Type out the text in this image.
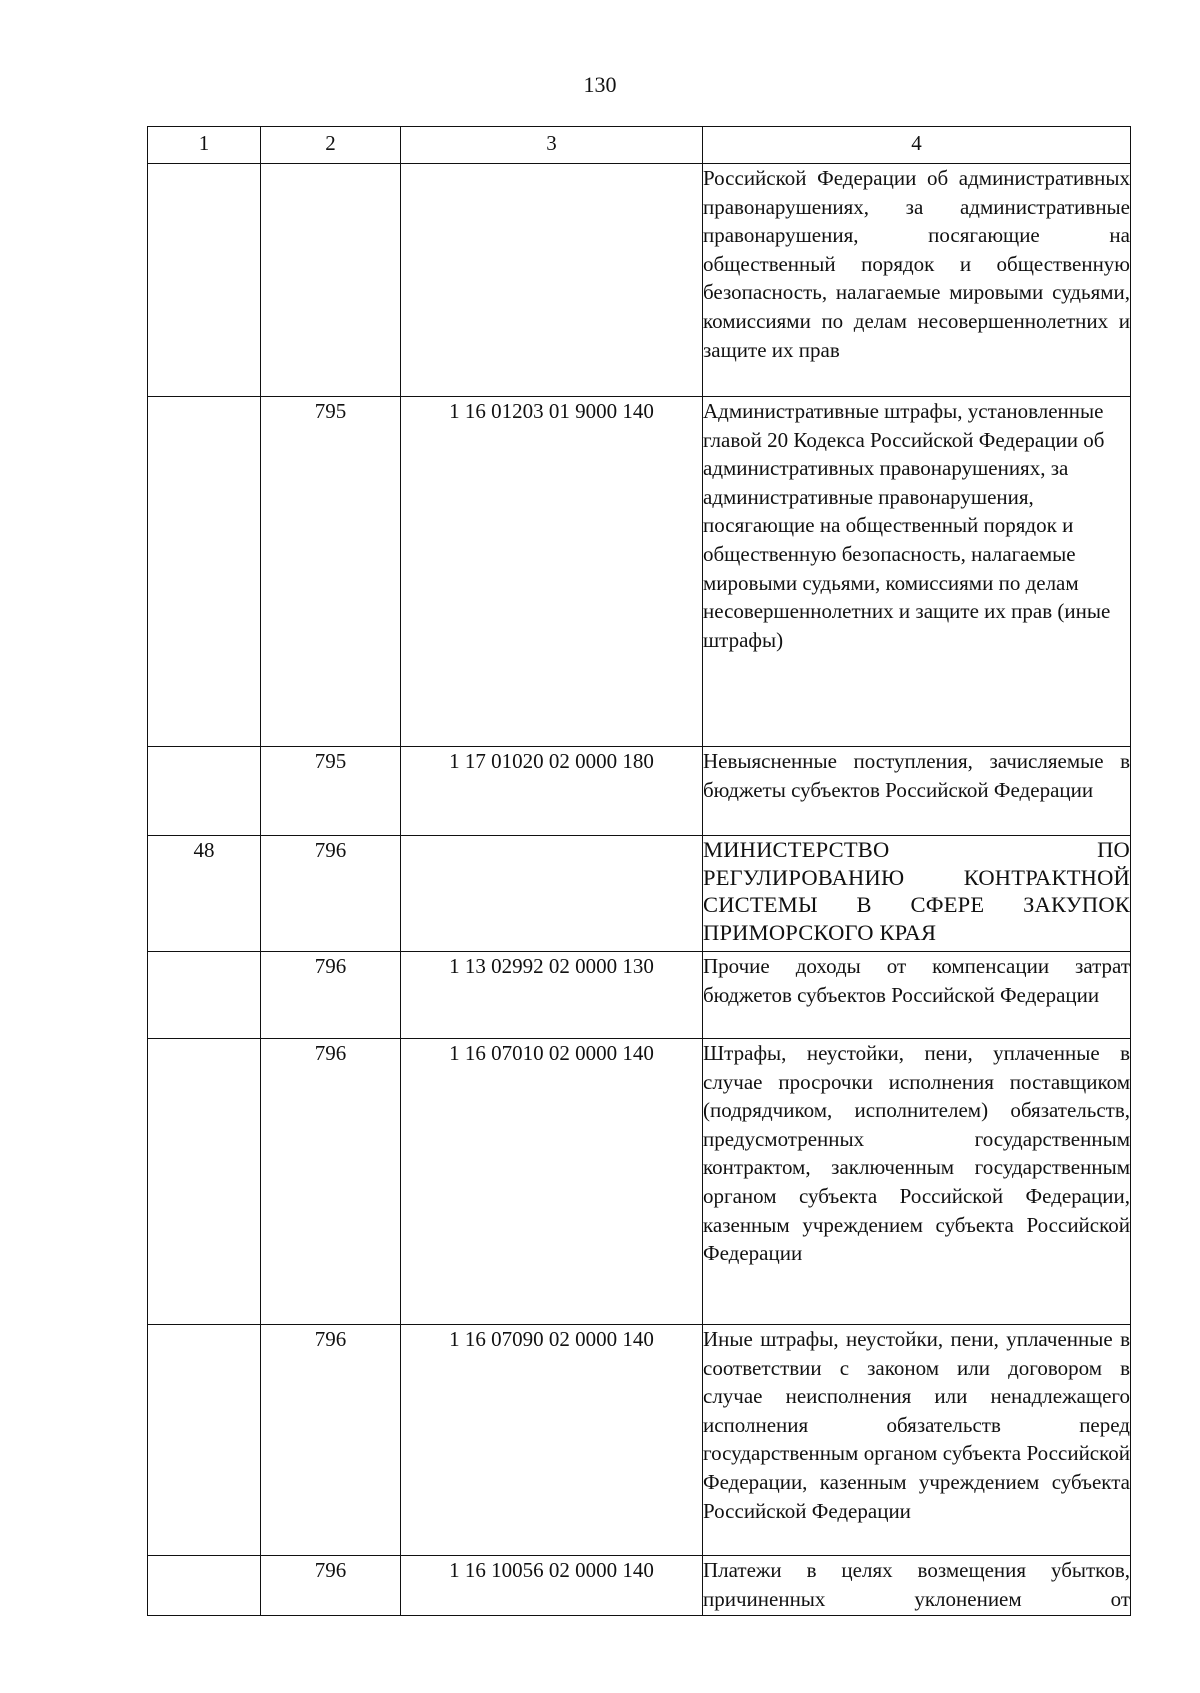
130
1	2	3	4
			Российской Федерации об административных правонарушениях, за административные правонарушения, посягающие на общественный порядок и общественную безопасность, налагаемые мировыми судьями, комиссиями по делам несовершеннолетних и защите их прав
	795	1 16 01203 01 9000 140	Административные штрафы, установленные главой 20 Кодекса Российской Федерации об административных правонарушениях, за административные правонарушения, посягающие на общественный порядок и общественную безопасность, налагаемые мировыми судьями, комиссиями по делам несовершеннолетних и защите их прав (иные штрафы)
	795	1 17 01020 02 0000 180	Невыясненные поступления, зачисляемые в бюджеты субъектов Российской Федерации
48	796		МИНИСТЕРСТВО ПО РЕГУЛИРОВАНИЮ КОНТРАКТНОЙ СИСТЕМЫ В СФЕРЕ ЗАКУПОК ПРИМОРСКОГО КРАЯ
	796	1 13 02992 02 0000 130	Прочие доходы от компенсации затрат бюджетов субъектов Российской Федерации
	796	1 16 07010 02 0000 140	Штрафы, неустойки, пени, уплаченные в случае просрочки исполнения поставщиком (подрядчиком, исполнителем) обязательств, предусмотренных государственным контрактом, заключенным государственным органом субъекта Российской Федерации, казенным учреждением субъекта Российской Федерации
	796	1 16 07090 02 0000 140	Иные штрафы, неустойки, пени, уплаченные в соответствии с законом или договором в случае неисполнения или ненадлежащего исполнения обязательств перед государственным органом субъекта Российской Федерации, казенным учреждением субъекта Российской Федерации
	796	1 16 10056 02 0000 140	Платежи в целях возмещения убытков, причиненных уклонением от
